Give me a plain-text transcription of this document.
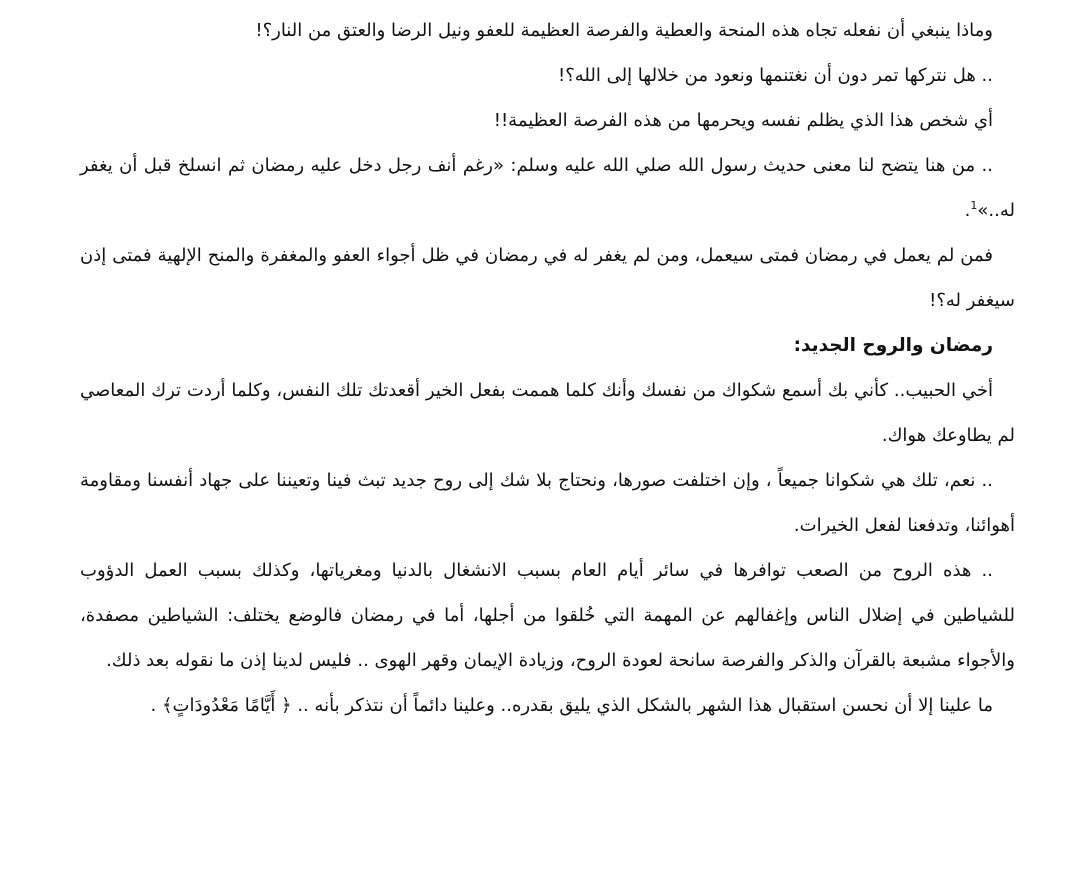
وماذا ينبغي أن نفعله تجاه هذه المنحة والعطية والفرصة العظيمة للعفو ونيل الرضا والعتق من النار؟!

.. هل نتركها تمر دون أن نغتنمها ونعود من خلالها إلى الله؟!

أي شخص هذا الذي يظلم نفسه ويحرمها من هذه الفرصة العظيمة!!

.. من هنا يتضح لنا معنى حديث رسول الله صلي الله عليه وسلم: «رغم أنف رجل دخل عليه رمضان ثم انسلخ قبل أن يغفر له..»$^1$.

فمن لم يعمل في رمضان فمتى سيعمل، ومن لم يغفر له في رمضان في ظل أجواء العفو والمغفرة والمنح الإلهية فمتى إذن سيغفر له؟!

رمضان والروح الجديد:

أخي الحبيب.. كأني بك أسمع شكواك من نفسك وأنك كلما هممت بفعل الخير أقعدتك تلك النفس، وكلما أردت ترك المعاصي لم يطاوعك هواك.

.. نعم، تلك هي شكوانا جميعاً ، وإن اختلفت صورها، ونحتاج بلا شك إلى روح جديد تبث فينا وتعيننا على جهاد أنفسنا ومقاومة أهوائنا، وتدفعنا لفعل الخيرات.

.. هذه الروح من الصعب توافرها في سائر أيام العام بسبب الانشغال بالدنيا ومغرياتها، وكذلك بسبب العمل الدؤوب للشياطين في إضلال الناس وإغفالهم عن المهمة التي خُلقوا من أجلها، أما في رمضان فالوضع يختلف: الشياطين مصفدة، والأجواء مشبعة بالقرآن والذكر والفرصة سانحة لعودة الروح، وزيادة الإيمان وقهر الهوى .. فليس لدينا إذن ما نقوله بعد ذلك.

ما علينا إلا أن نحسن استقبال هذا الشهر بالشكل الذي يليق بقدره.. وعلينا دائماً أن نتذكر بأنه .. ﴿ أَيَّامًا مَعْدُودَاتٍ﴾ .
